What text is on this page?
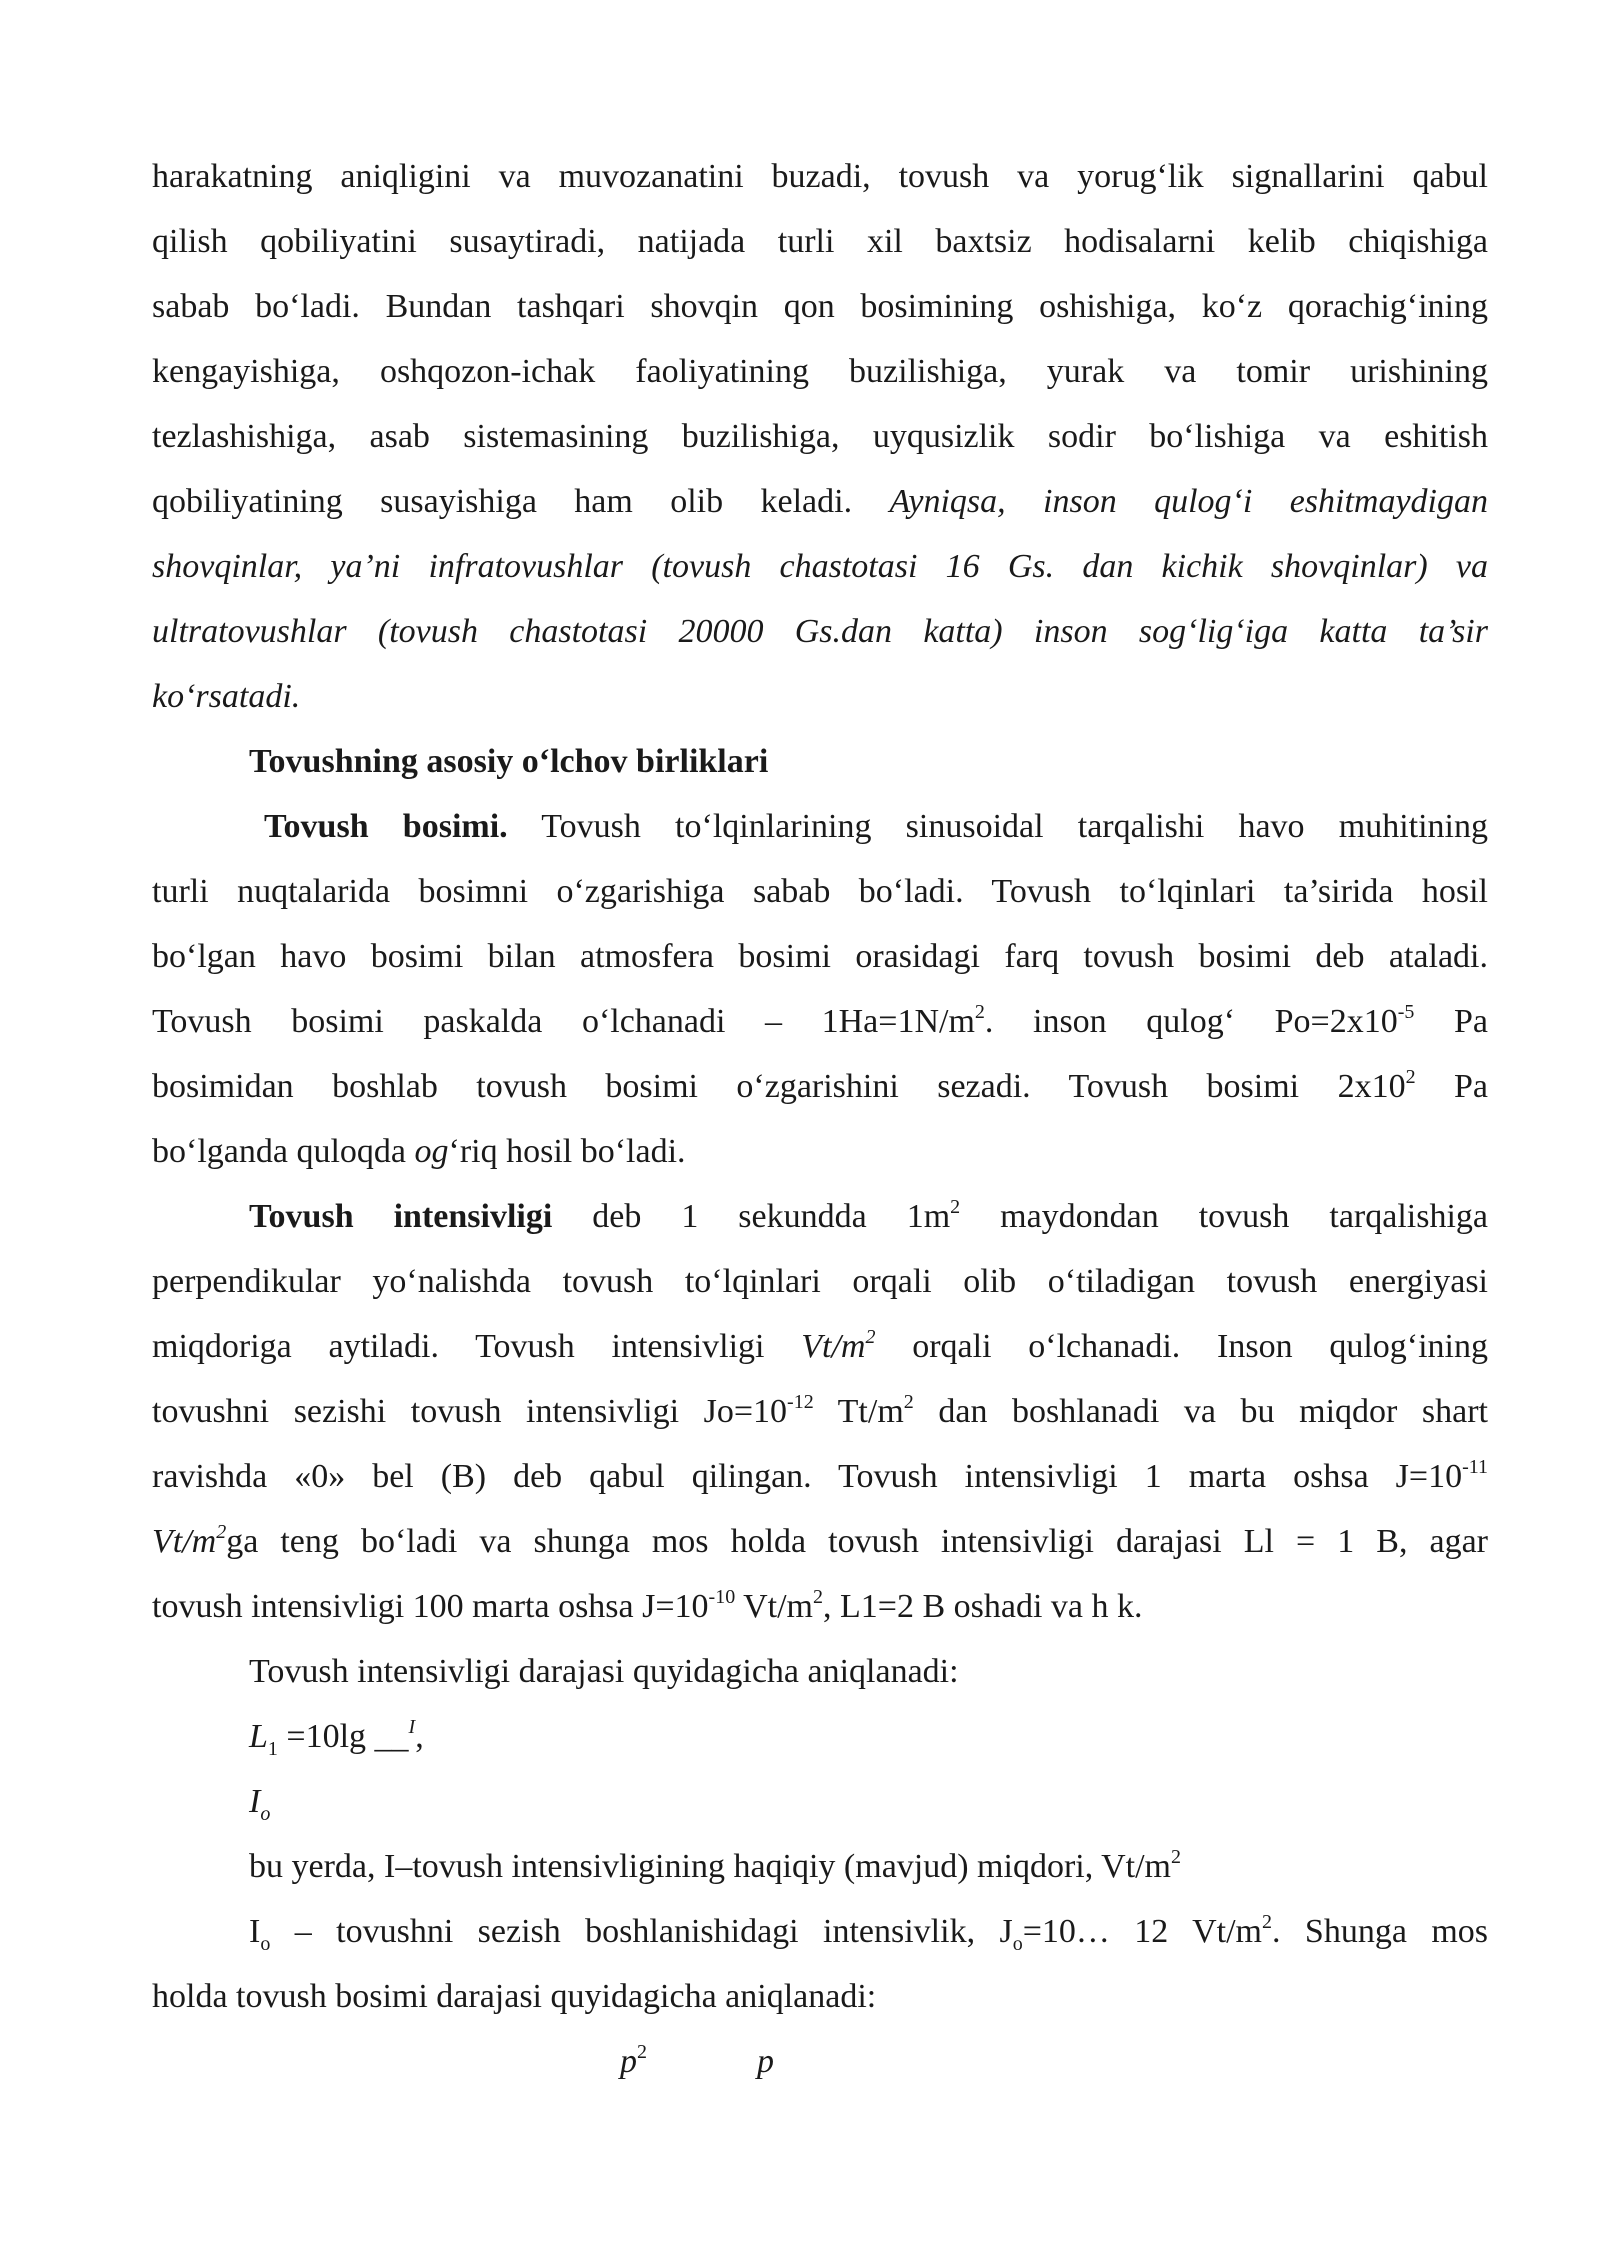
harakatning aniqligini va muvozanatini buzadi, tovush va yorug‘lik signallarini qabul
qilish qobiliyatini susaytiradi, natijada turli xil baxtsiz hodisalarni kelib chiqishiga
sabab bo‘ladi. Bundan tashqari shovqin qon bosimining oshishiga, ko‘z qorachig‘ining
kengayishiga, oshqozon-ichak faoliyatining buzilishiga, yurak va tomir urishining
tezlashishiga, asab sistemasining buzilishiga, uyqusizlik sodir bo‘lishiga va eshitish
qobiliyatining susayishiga ham olib keladi. Ayniqsa, inson qulog‘i eshitmaydigan
shovqinlar, ya’ni infratovushlar (tovush chastotasi 16 Gs. dan kichik shovqinlar) va
ultratovushlar (tovush chastotasi 20000 Gs.dan katta) inson sog‘lig‘iga katta ta’sir
ko‘rsatadi.
Tovushning asosiy o‘lchov birliklari
Tovush bosimi. Tovush to‘lqinlarining sinusoidal tarqalishi havo muhitining
turli nuqtalarida bosimni o‘zgarishiga sabab bo‘ladi. Tovush to‘lqinlari ta’sirida hosil
bo‘lgan havo bosimi bilan atmosfera bosimi orasidagi farq tovush bosimi deb ataladi.
Tovush bosimi paskalda o‘lchanadi – $1Ha=1N/m^2$. inson qulog‘ $Po=2x10^{-5}$ Pa
bosimidan boshlab tovush bosimi o‘zgarishini sezadi. Tovush bosimi $2x10^2$ Pa
bo‘lganda quloqda og‘riq hosil bo‘ladi.
Tovush intensivligi deb 1 sekundda $1m^2$ maydondan tovush tarqalishiga
perpendikular yo‘nalishda tovush to‘lqinlari orqali olib o‘tiladigan tovush energiyasi
miqdoriga aytiladi. Tovush intensivligi $Vt/m^2$ orqali o‘lchanadi. Inson qulog‘ining
tovushni sezishi tovush intensivligi $Jo=10^{-12}$ $Tt/m^2$ dan boshlanadi va bu miqdor shart
ravishda «0» bel (B) deb qabul qilingan. Tovush intensivligi 1 marta oshsa $J=10^{-11}$
$Vt/m^2ga$ teng bo‘ladi va shunga mos holda tovush intensivligi darajasi Ll = 1 B, agar
tovush intensivligi 100 marta oshsa $J=10^{-10}$ $Vt/m^2$, L1=2 B oshadi va h k.
Tovush intensivligi darajasi quyidagicha aniqlanadi:
$L_1 =10\lg$ __$^I$,
$I_o$
bu yerda, I–tovush intensivligining haqiqiy (mavjud) miqdori, $Vt/m^2$
$I_o$ – tovushni sezish boshlanishidagi intensivlik, $J_o=10\dots$ 12 $Vt/m^2$. Shunga mos
holda tovush bosimi darajasi quyidagicha aniqlanadi:
$p^2$	p
